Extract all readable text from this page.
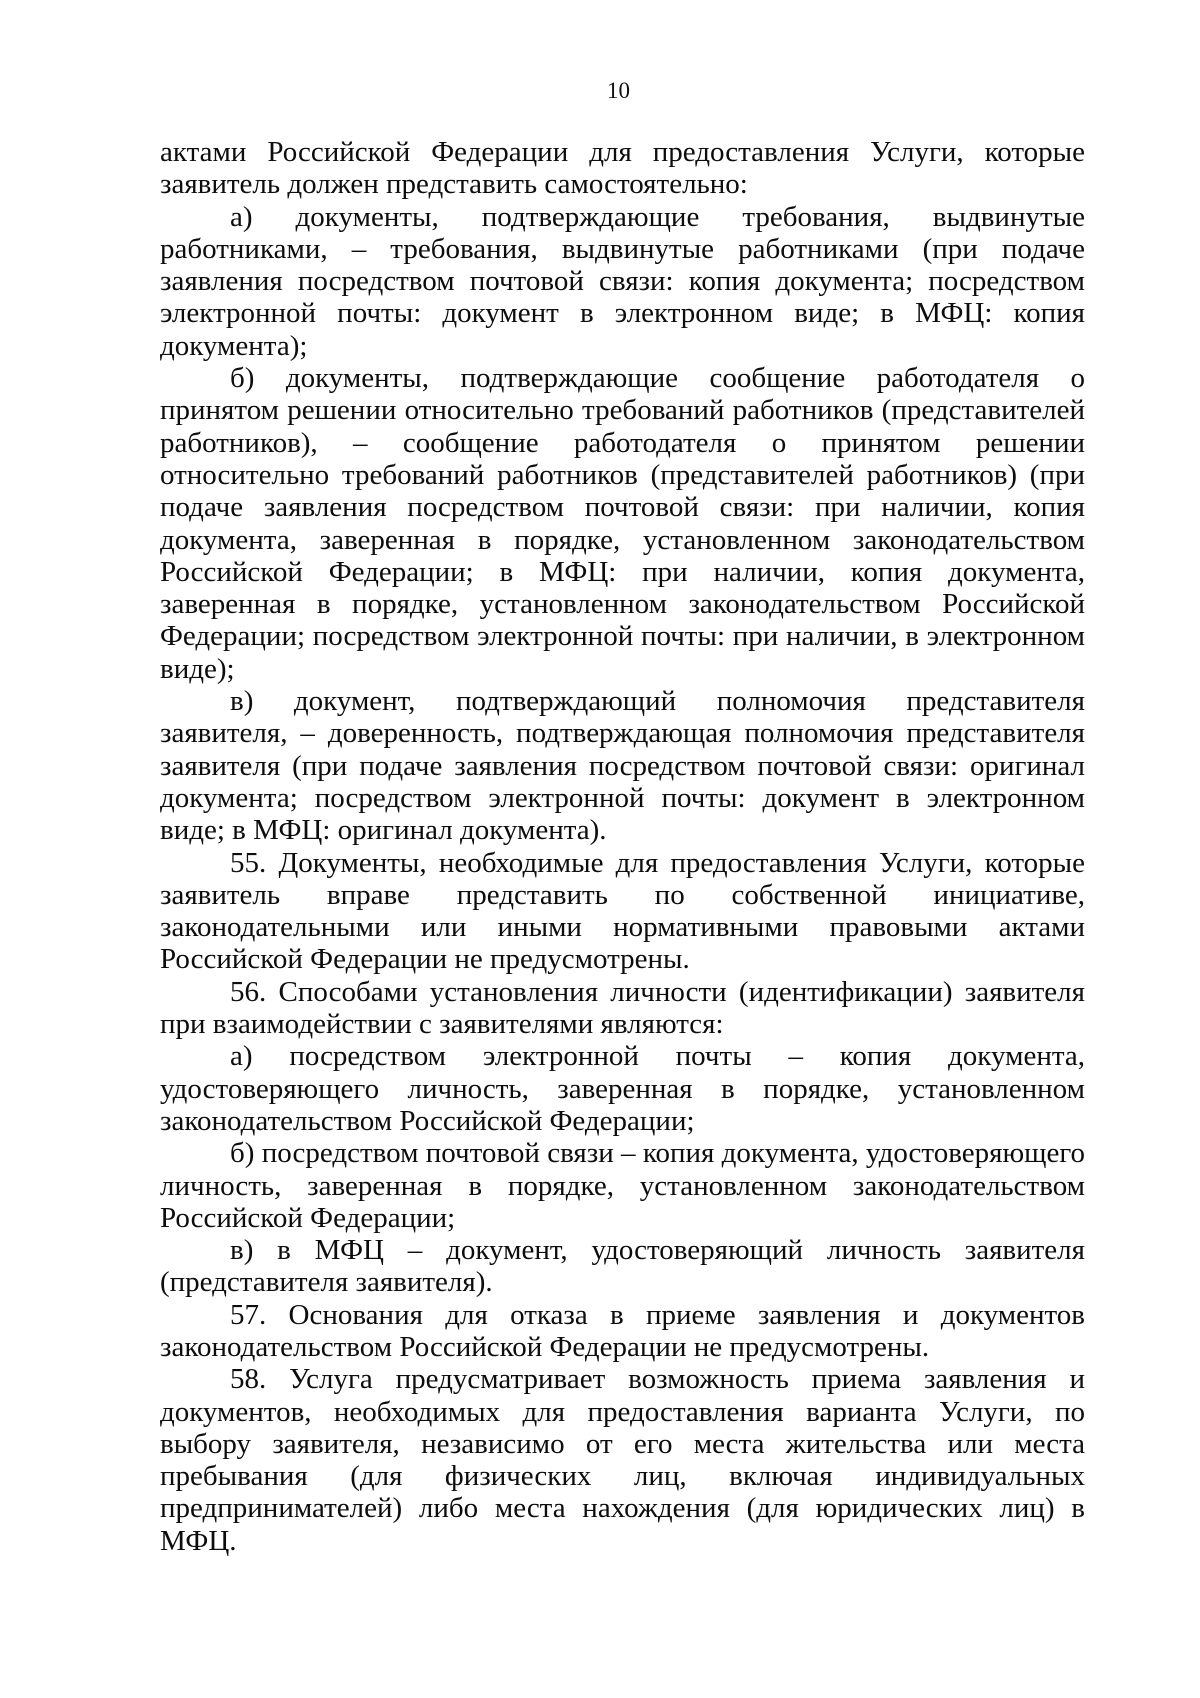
10

актами Российской Федерации для предоставления Услуги, которые заявитель должен представить самостоятельно:

а) документы, подтверждающие требования, выдвинутые работниками, – требования, выдвинутые работниками (при подаче заявления посредством почтовой связи: копия документа; посредством электронной почты: документ в электронном виде; в МФЦ: копия документа);

б) документы, подтверждающие сообщение работодателя о принятом решении относительно требований работников (представителей работников), – сообщение работодателя о принятом решении относительно требований работников (представителей работников) (при подаче заявления посредством почтовой связи: при наличии, копия документа, заверенная в порядке, установленном законодательством Российской Федерации; в МФЦ: при наличии, копия документа, заверенная в порядке, установленном законодательством Российской Федерации; посредством электронной почты: при наличии, в электронном виде);

в) документ, подтверждающий полномочия представителя заявителя, – доверенность, подтверждающая полномочия представителя заявителя (при подаче заявления посредством почтовой связи: оригинал документа; посредством электронной почты: документ в электронном виде; в МФЦ: оригинал документа).

55. Документы, необходимые для предоставления Услуги, которые заявитель вправе представить по собственной инициативе, законодательными или иными нормативными правовыми актами Российской Федерации не предусмотрены.

56. Способами установления личности (идентификации) заявителя при взаимодействии с заявителями являются:

а) посредством электронной почты – копия документа, удостоверяющего личность, заверенная в порядке, установленном законодательством Российской Федерации;

б) посредством почтовой связи – копия документа, удостоверяющего личность, заверенная в порядке, установленном законодательством Российской Федерации;

в) в МФЦ – документ, удостоверяющий личность заявителя (представителя заявителя).

57. Основания для отказа в приеме заявления и документов законодательством Российской Федерации не предусмотрены.

58. Услуга предусматривает возможность приема заявления и документов, необходимых для предоставления варианта Услуги, по выбору заявителя, независимо от его места жительства или места пребывания (для физических лиц, включая индивидуальных предпринимателей) либо места нахождения (для юридических лиц) в МФЦ.
